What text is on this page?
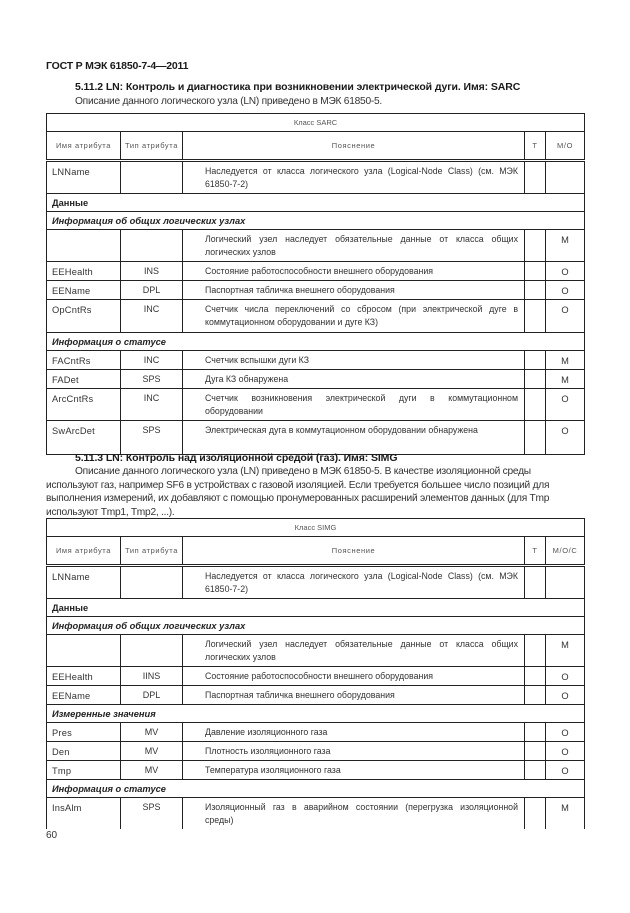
ГОСТ Р МЭК 61850-7-4—2011
5.11.2 LN: Контроль и диагностика при возникновении электрической дуги. Имя: SARC
Описание данного логического узла (LN) приведено в МЭК 61850-5.
Класс SARC				
Имя атрибута	Тип атрибута	Пояснение	T	M/O
LNName		Наследуется от класса логического узла (Logical-Node Class) (см. МЭК 61850-7-2)		

Данные				
Информация об общих логических узлах				

		Логический узел наследует обязательные данные от класса общих логических узлов		M
EEHealth	INS	Состояние работоспособности внешнего оборудования		O
EEName	DPL	Паспортная табличка внешнего оборудования		O
OpCntRs	INC	Счетчик числа переключений со сбросом (при электрической дуге в коммутационном оборудовании и дуге КЗ)		O
Информация о статусе				
FACntRs	INC	Счетчик вспышки дуги КЗ		M
FADet	SPS	Дуга КЗ обнаружена		M
ArcCntRs	INC	Счетчик возникновения электрической дуги в коммутационном оборудовании		O
SwArcDet	SPS	Электрическая дуга в коммутационном оборудовании обнаружена		O
5.11.3 LN: Контроль над изоляционной средой (газ). Имя: SIMG
Описание данного логического узла (LN) приведено в МЭК 61850-5. В качестве изоляционной среды используют газ, например SF6 в устройствах с газовой изоляцией. Если требуется большее число позиций для выполнения измерений, их добавляют с помощью пронумерованных расширений элементов данных (для Tmp используют Tmp1, Tmp2, ...).
Класс SIMG				
Имя атрибута	Тип атрибута	Пояснение	T	M/O/C
LNName		Наследуется от класса логического узла (Logical-Node Class) (см. МЭК 61850-7-2)		

Данные				
Информация об общих логических узлах				

		Логический узел наследует обязательные данные от класса общих логических узлов		M
EEHealth	IINS	Состояние работоспособности внешнего оборудования		O
EEName	DPL	Паспортная табличка внешнего оборудования		O
Измеренные значения				
Pres	MV	Давление изоляционного газа		O
Den	MV	Плотность изоляционного газа		O
Tmp	MV	Температура изоляционного газа		O
Информация о статусе				
InsAlm	SPS	Изоляционный газ в аварийном состоянии (перегрузка изоляционной среды)		M
60
